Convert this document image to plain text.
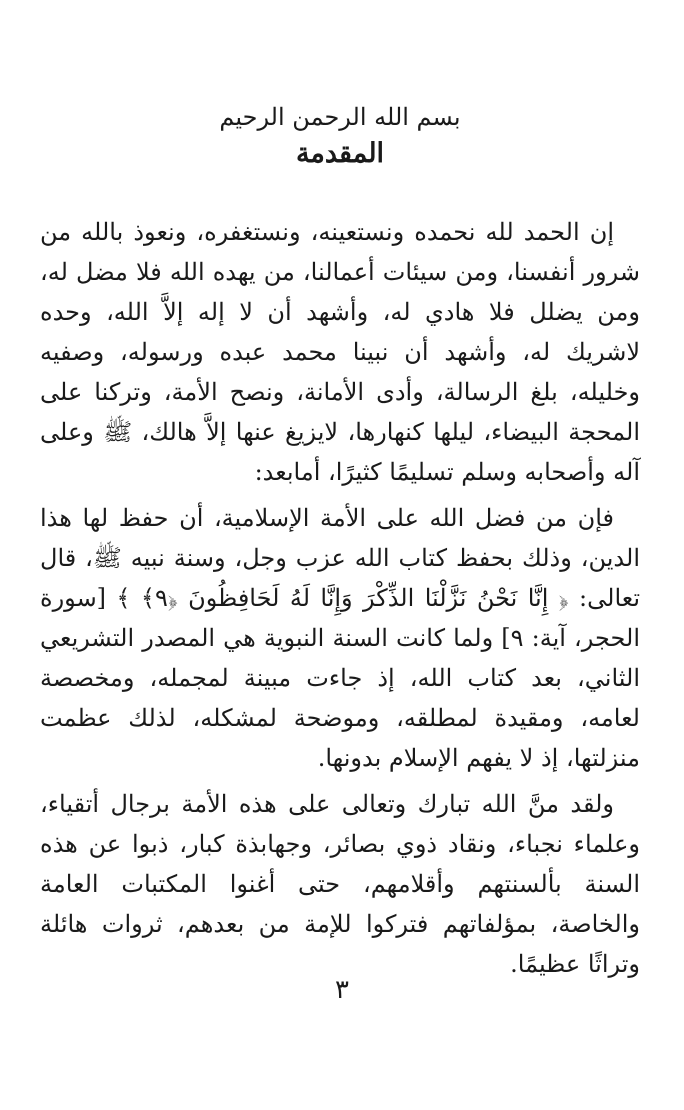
بسم الله الرحمن الرحيم

المقدمة

إن الحمد لله نحمده ونستعينه، ونستغفره، ونعوذ بالله من شرور أنفسنا، ومن سيئات أعمالنا، من يهده الله فلا مضل له، ومن يضلل فلا هادي له، وأشهد أن لا إله إلاَّ الله، وحده لاشريك له، وأشهد أن نبينا محمد عبده ورسوله، وصفيه وخليله، بلغ الرسالة، وأدى الأمانة، ونصح الأمة، وتركنا على المحجة البيضاء، ليلها كنهارها، لايزيغ عنها إلاَّ هالك، ﷺ وعلى آله وأصحابه وسلم تسليمًا كثيرًا، أمابعد:

فإن من فضل الله على الأمة الإسلامية، أن حفظ لها هذا الدين، وذلك بحفظ كتاب الله عزب وجل، وسنة نبيه ﷺ، قال تعالى: ﴿ إِنَّا نَحْنُ نَزَّلْنَا الذِّكْرَ وَإِنَّا لَهُ لَحَافِظُونَ ﴿٩﴾ ﴾ [سورة الحجر، آية: ٩] ولما كانت السنة النبوية هي المصدر التشريعي الثاني، بعد كتاب الله، إذ جاءت مبينة لمجمله، ومخصصة لعامه، ومقيدة لمطلقه، وموضحة لمشكله، لذلك عظمت منزلتها، إذ لا يفهم الإسلام بدونها.

ولقد منَّ الله تبارك وتعالى على هذه الأمة برجال أتقياء، وعلماء نجباء، ونقاد ذوي بصائر، وجهابذة كبار، ذبوا عن هذه السنة بألسنتهم وأقلامهم، حتى أغنوا المكتبات العامة والخاصة، بمؤلفاتهم فتركوا للإمة من بعدهم، ثروات هائلة وتراثًا عظيمًا.

٣
